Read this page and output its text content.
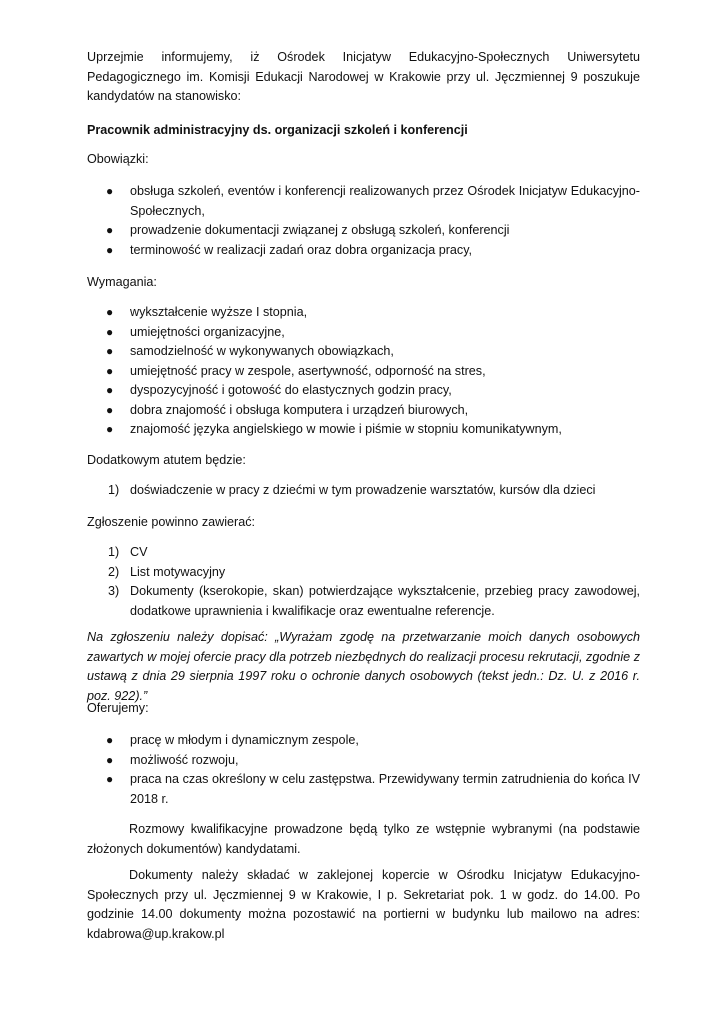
Uprzejmie informujemy, iż Ośrodek Inicjatyw Edukacyjno-Społecznych Uniwersytetu Pedagogicznego im. Komisji Edukacji Narodowej w Krakowie przy ul. Jęczmiennej 9 poszukuje kandydatów na stanowisko:

Pracownik administracyjny ds. organizacji szkoleń i konferencji

Obowiązki:

● obsługa szkoleń, eventów i konferencji realizowanych przez Ośrodek Inicjatyw Edukacyjno-Społecznych,
● prowadzenie dokumentacji związanej z obsługą szkoleń, konferencji
● terminowość w realizacji zadań oraz dobra organizacja pracy,

Wymagania:

● wykształcenie wyższe I stopnia,
● umiejętności organizacyjne,
● samodzielność w wykonywanych obowiązkach,
● umiejętność pracy w zespole, asertywność, odporność na stres,
● dyspozycyjność i gotowość do elastycznych godzin pracy,
● dobra znajomość i obsługa komputera i urządzeń biurowych,
● znajomość języka angielskiego w mowie i piśmie w stopniu komunikatywnym,

Dodatkowym atutem będzie:

1) doświadczenie w pracy z dziećmi w tym prowadzenie warsztatów, kursów dla dzieci

Zgłoszenie powinno zawierać:

1) CV
2) List motywacyjny
3) Dokumenty (kserokopie, skan) potwierdzające wykształcenie, przebieg pracy zawodowej, dodatkowe uprawnienia i kwalifikacje oraz ewentualne referencje.

Na zgłoszeniu należy dopisać: „Wyrażam zgodę na przetwarzanie moich danych osobowych zawartych w mojej ofercie pracy dla potrzeb niezbędnych do realizacji procesu rekrutacji, zgodnie z ustawą z dnia 29 sierpnia 1997 roku o ochronie danych osobowych (tekst jedn.: Dz. U. z 2016 r. poz. 922).”

Oferujemy:

● pracę w młodym i dynamicznym zespole,
● możliwość rozwoju,
● praca na czas określony w celu zastępstwa. Przewidywany termin zatrudnienia do końca IV 2018 r.

Rozmowy kwalifikacyjne prowadzone będą tylko ze wstępnie wybranymi (na podstawie złożonych dokumentów) kandydatami.

Dokumenty należy składać w zaklejonej kopercie w Ośrodku Inicjatyw Edukacyjno-Społecznych przy ul. Jęczmiennej 9 w Krakowie, I p. Sekretariat pok. 1 w godz. do 14.00. Po godzinie 14.00 dokumenty można pozostawić na portierni w budynku lub mailowo na adres: kdabrowa@up.krakow.pl
